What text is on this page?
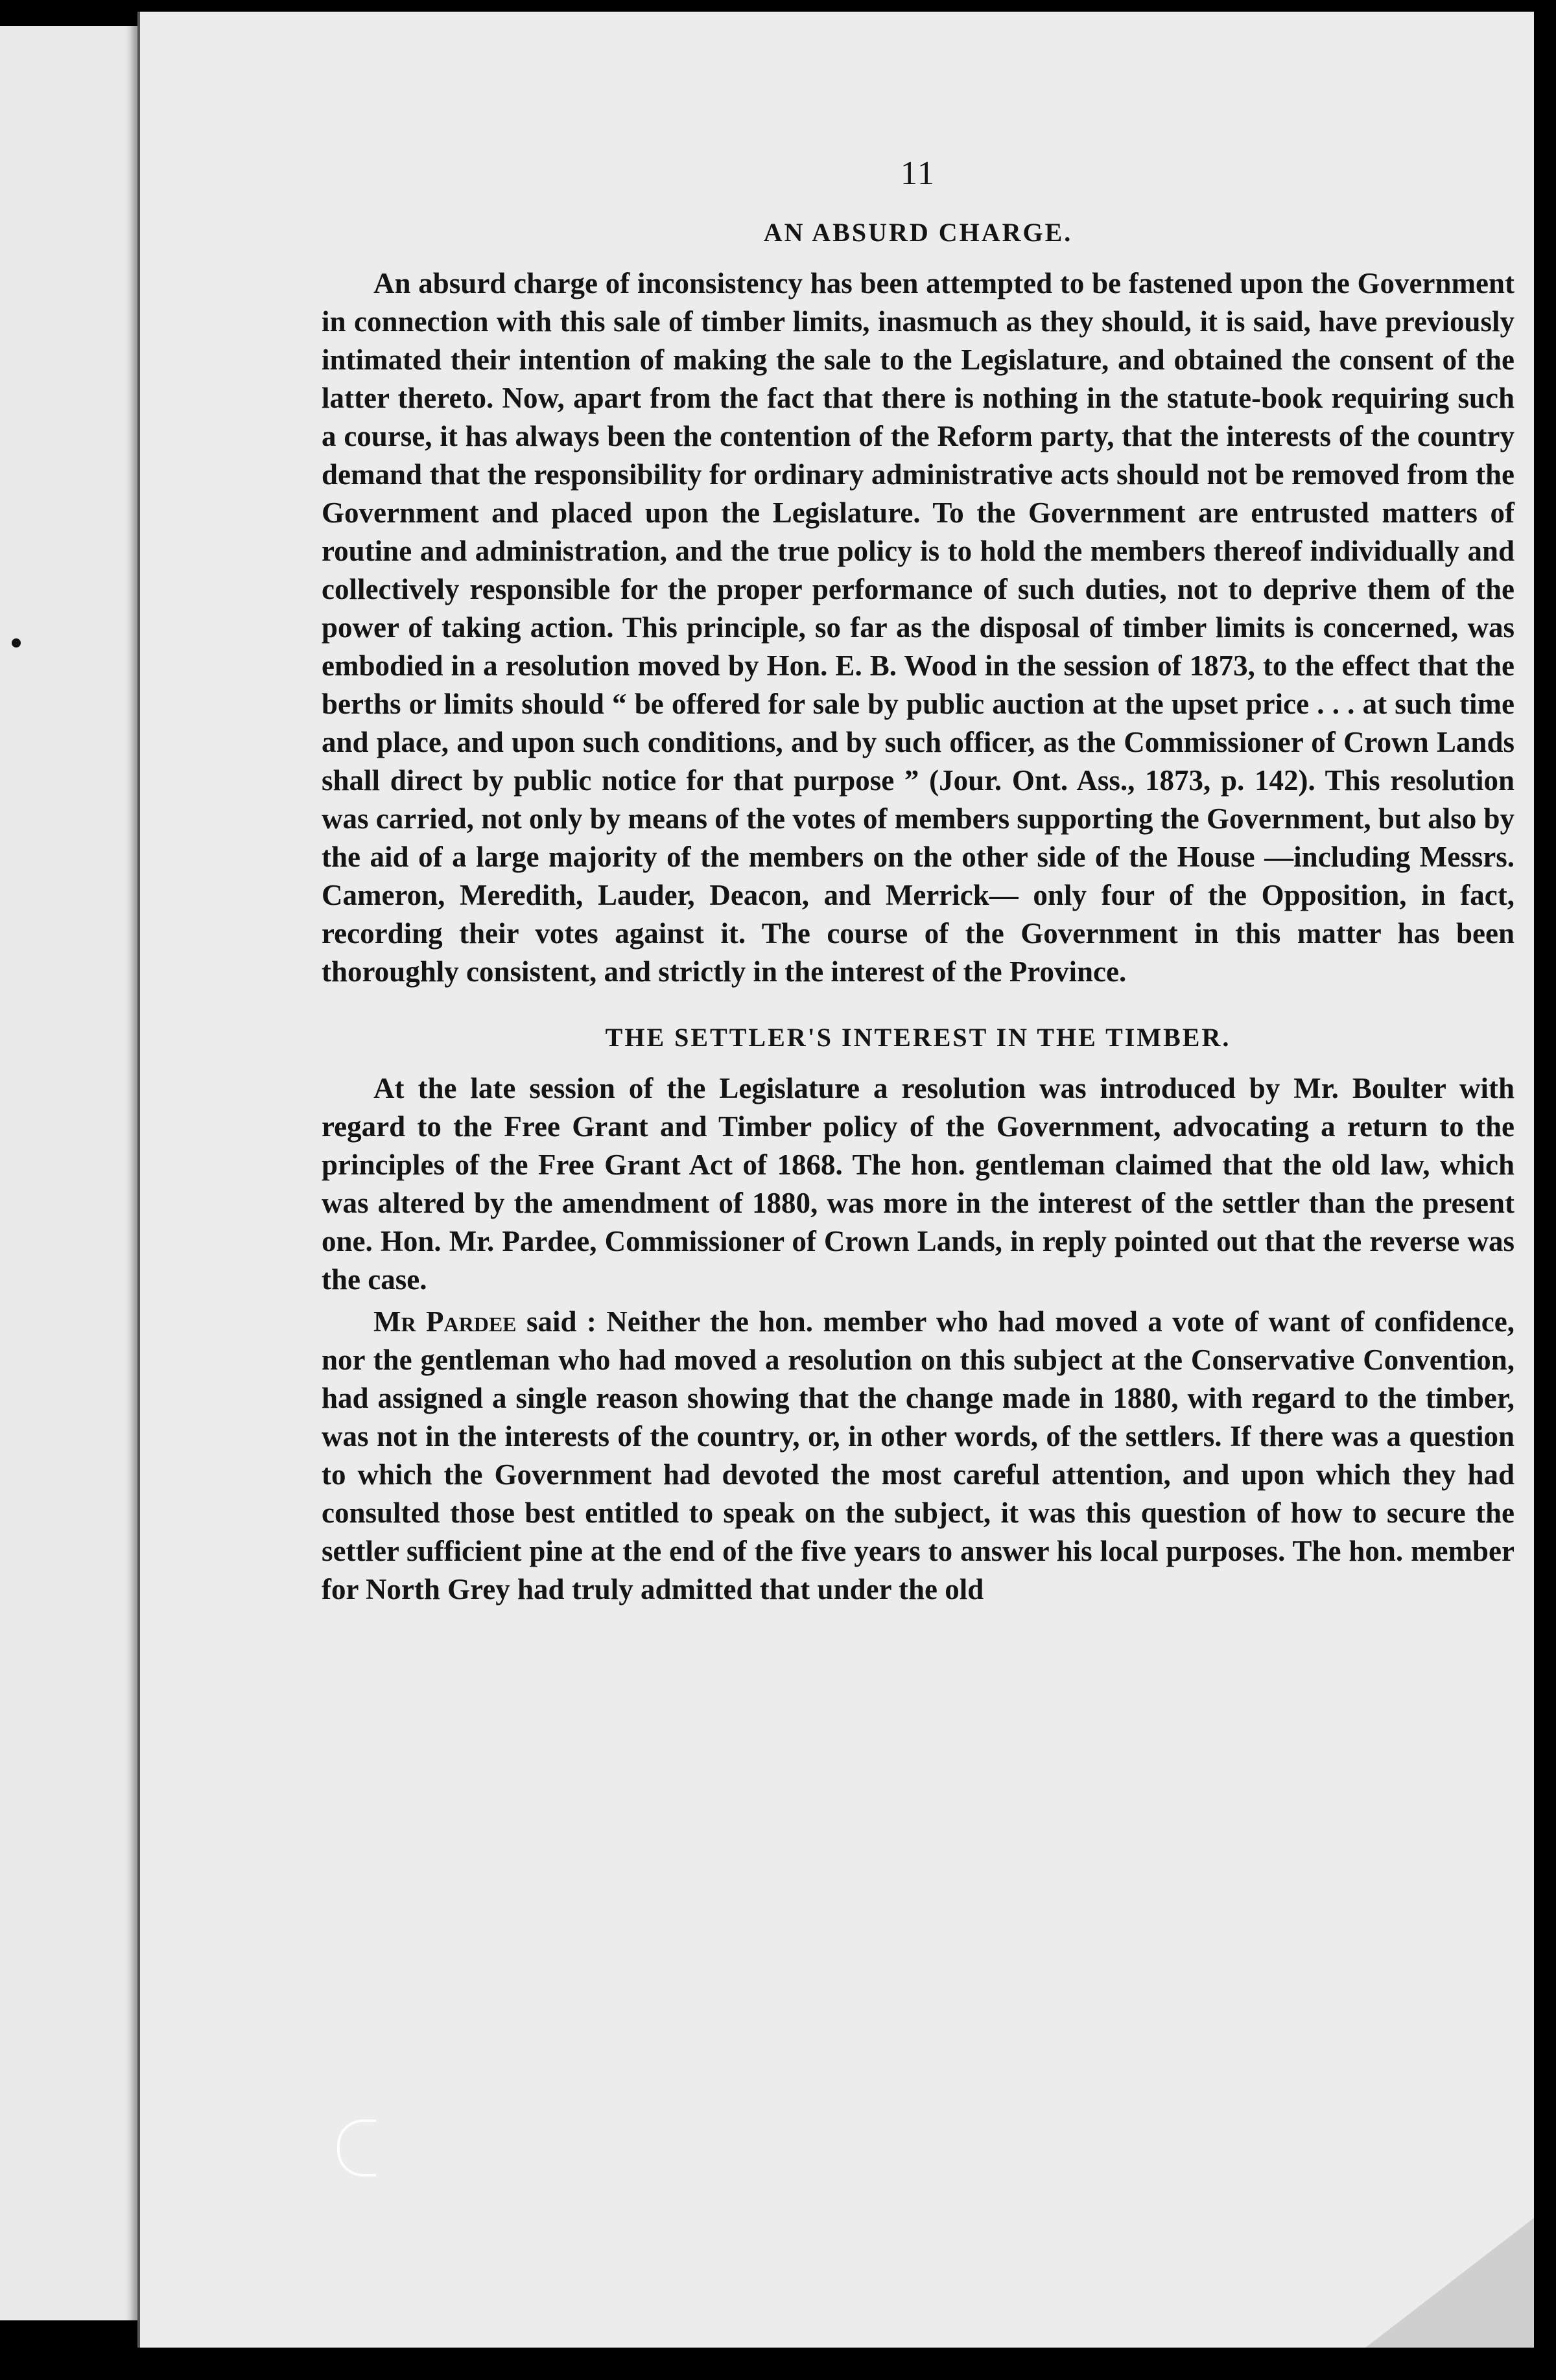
11
AN ABSURD CHARGE.

An absurd charge of inconsistency has been attempted to be fastened upon the Government in connection with this sale of timber limits, inasmuch as they should, it is said, have previously intimated their intention of making the sale to the Legislature, and obtained the consent of the latter thereto. Now, apart from the fact that there is nothing in the statute-book requiring such a course, it has always been the contention of the Reform party, that the interests of the country demand that the responsibility for ordinary administrative acts should not be removed from the Government and placed upon the Legislature. To the Government are entrusted matters of routine and administration, and the true policy is to hold the members thereof individually and collectively responsible for the proper performance of such duties, not to deprive them of the power of taking action. This principle, so far as the disposal of timber limits is concerned, was embodied in a resolution moved by Hon. E. B. Wood in the session of 1873, to the effect that the berths or limits should “ be offered for sale by public auction at the upset price . . . at such time and place, and upon such conditions, and by such officer, as the Commissioner of Crown Lands shall direct by public notice for that purpose ” (Jour. Ont. Ass., 1873, p. 142). This resolution was carried, not only by means of the votes of members supporting the Government, but also by the aid of a large majority of the members on the other side of the House —including Messrs. Cameron, Meredith, Lauder, Deacon, and Merrick— only four of the Opposition, in fact, recording their votes against it. The course of the Government in this matter has been thoroughly consistent, and strictly in the interest of the Province.

THE SETTLER'S INTEREST IN THE TIMBER.

At the late session of the Legislature a resolution was introduced by Mr. Boulter with regard to the Free Grant and Timber policy of the Government, advocating a return to the principles of the Free Grant Act of 1868. The hon. gentleman claimed that the old law, which was altered by the amendment of 1880, was more in the interest of the settler than the present one. Hon. Mr. Pardee, Commissioner of Crown Lands, in reply pointed out that the reverse was the case.

Mr Pardee said : Neither the hon. member who had moved a vote of want of confidence, nor the gentleman who had moved a resolution on this subject at the Conservative Convention, had assigned a single reason showing that the change made in 1880, with regard to the timber, was not in the interests of the country, or, in other words, of the settlers. If there was a question to which the Government had devoted the most careful attention, and upon which they had consulted those best entitled to speak on the subject, it was this question of how to secure the settler sufficient pine at the end of the five years to answer his local purposes. The hon. member for North Grey had truly admitted that under the old
